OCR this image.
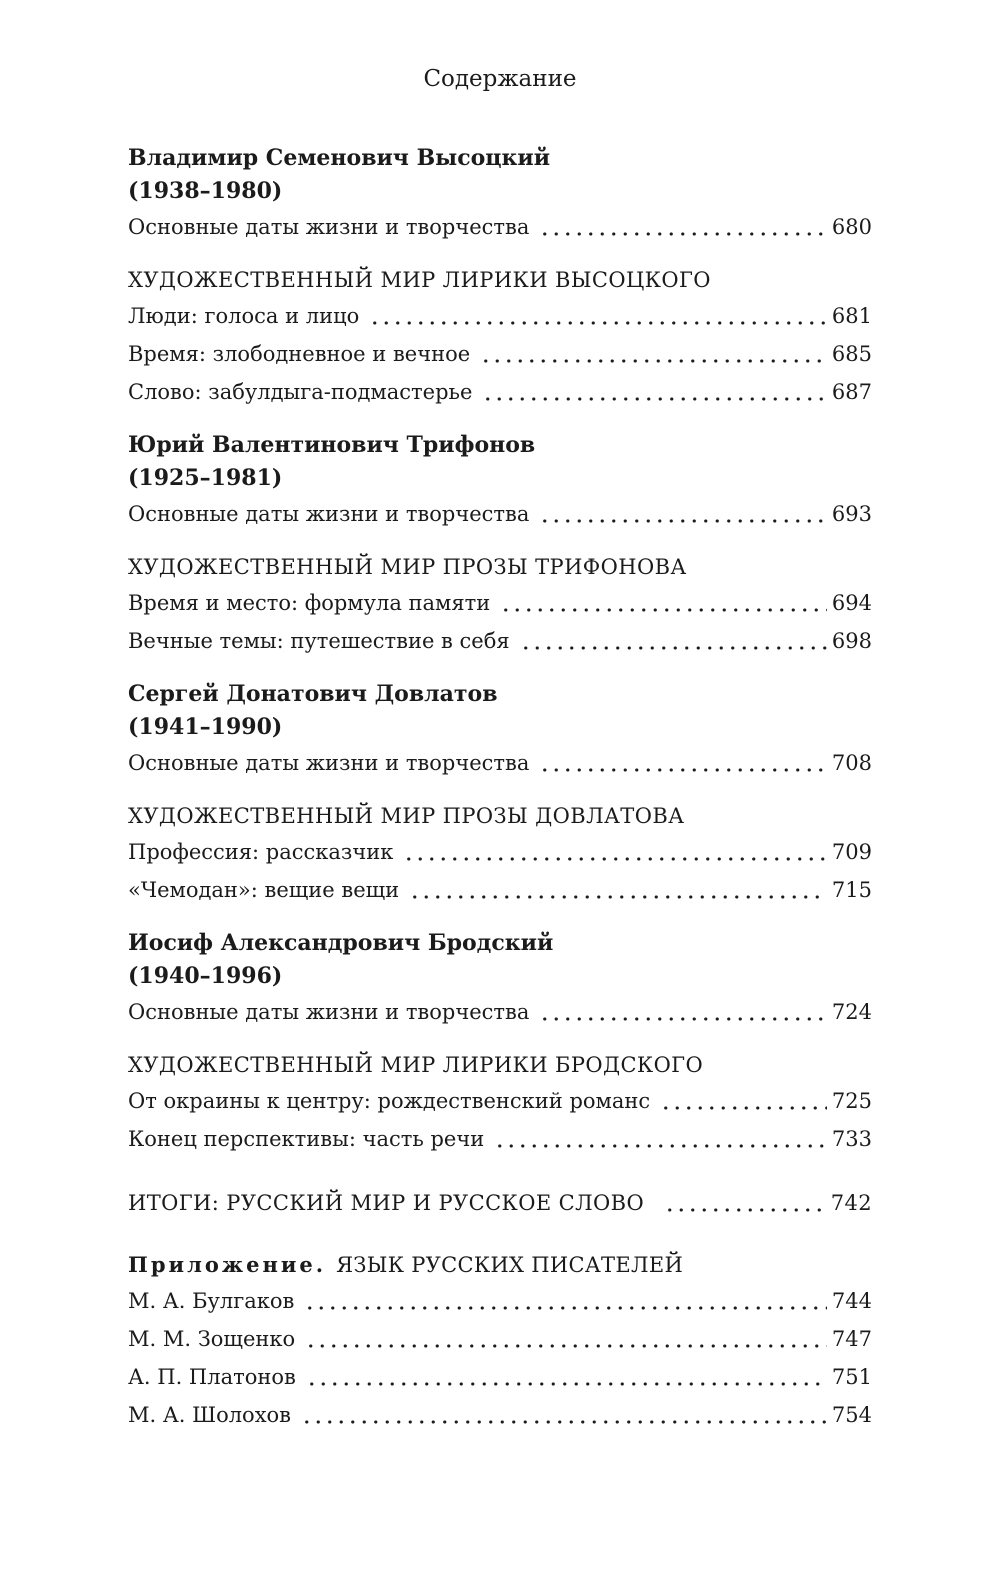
Содержание
Владимир Семенович Высоцкий
(1938–1980)
Основные даты жизни и творчества	680
ХУДОЖЕСТВЕННЫЙ МИР ЛИРИКИ ВЫСОЦКОГО
Люди: голоса и лицо	681
Время: злободневное и вечное	685
Слово: забулдыга-подмастерье	687
Юрий Валентинович Трифонов
(1925–1981)
Основные даты жизни и творчества	693
ХУДОЖЕСТВЕННЫЙ МИР ПРОЗЫ ТРИФОНОВА
Время и место: формула памяти	694
Вечные темы: путешествие в себя	698
Сергей Донатович Довлатов
(1941–1990)
Основные даты жизни и творчества	708
ХУДОЖЕСТВЕННЫЙ МИР ПРОЗЫ ДОВЛАТОВА
Профессия: рассказчик	709
«Чемодан»: вещие вещи	715
Иосиф Александрович Бродский
(1940–1996)
Основные даты жизни и творчества	724
ХУДОЖЕСТВЕННЫЙ МИР ЛИРИКИ БРОДСКОГО
От окраины к центру: рождественский романс	725
Конец перспективы: часть речи	733
ИТОГИ: РУССКИЙ МИР И РУССКОЕ СЛОВО	742
Приложение. ЯЗЫК РУССКИХ ПИСАТЕЛЕЙ
М. А. Булгаков	744
М. М. Зощенко	747
А. П. Платонов	751
М. А. Шолохов	754
